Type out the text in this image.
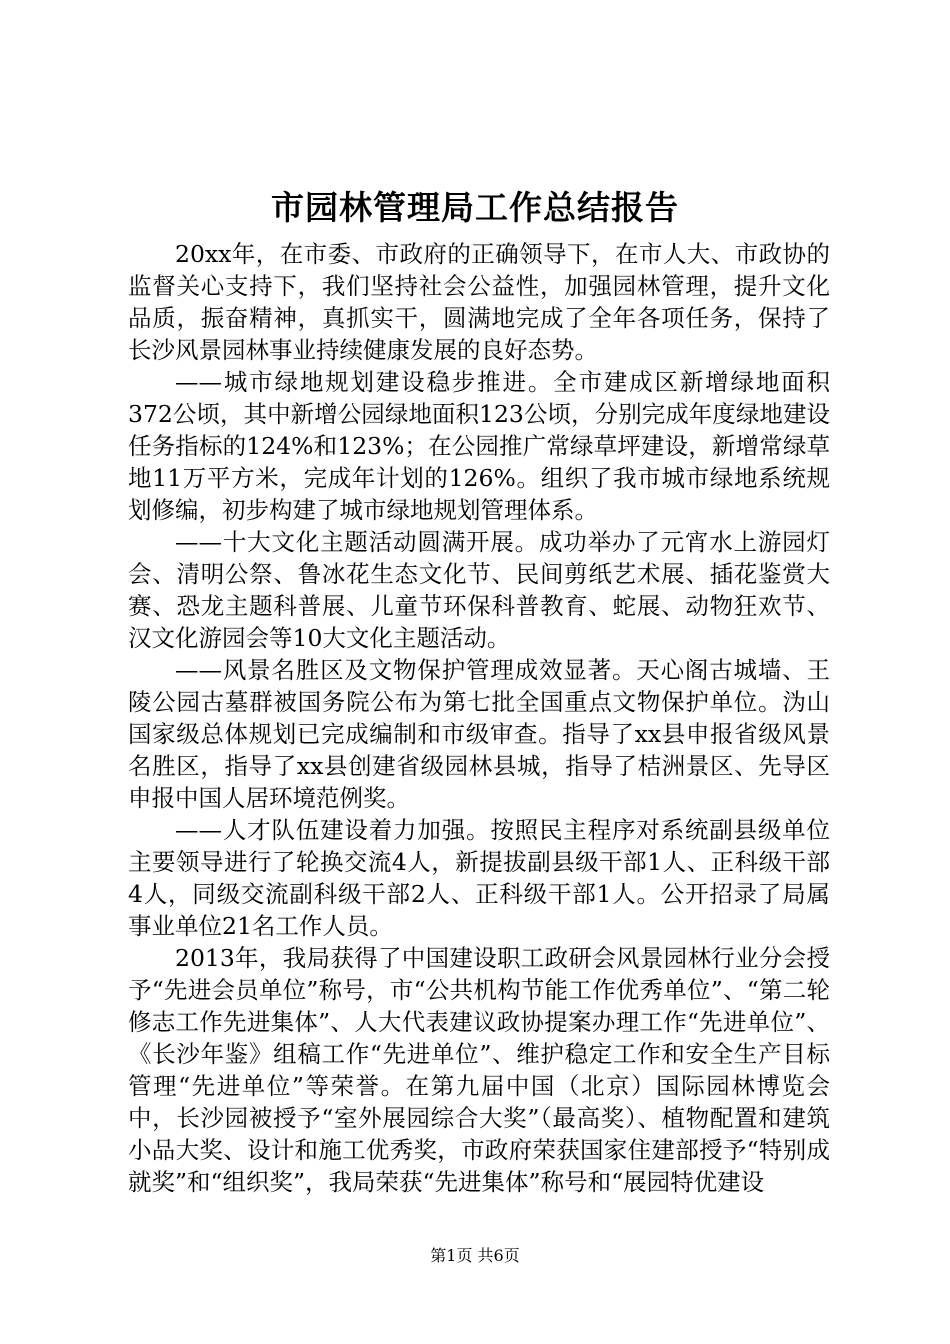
市园林管理局工作总结报告

20xx年，在市委、市政府的正确领导下，在市人大、市政协的监督关心支持下，我们坚持社会公益性，加强园林管理，提升文化品质，振奋精神，真抓实干，圆满地完成了全年各项任务，保持了长沙风景园林事业持续健康发展的良好态势。

——城市绿地规划建设稳步推进。全市建成区新增绿地面积372公顷，其中新增公园绿地面积123公顷，分别完成年度绿地建设任务指标的124%和123%；在公园推广常绿草坪建设，新增常绿草地11万平方米，完成年计划的126%。组织了我市城市绿地系统规划修编，初步构建了城市绿地规划管理体系。

——十大文化主题活动圆满开展。成功举办了元宵水上游园灯会、清明公祭、鲁冰花生态文化节、民间剪纸艺术展、插花鉴赏大赛、恐龙主题科普展、儿童节环保科普教育、蛇展、动物狂欢节、汉文化游园会等10大文化主题活动。

——风景名胜区及文物保护管理成效显著。天心阁古城墙、王陵公园古墓群被国务院公布为第七批全国重点文物保护单位。沩山国家级总体规划已完成编制和市级审查。指导了xx县申报省级风景名胜区，指导了xx县创建省级园林县城，指导了桔洲景区、先导区申报中国人居环境范例奖。

——人才队伍建设着力加强。按照民主程序对系统副县级单位主要领导进行了轮换交流4人，新提拔副县级干部1人、正科级干部4人，同级交流副科级干部2人、正科级干部1人。公开招录了局属事业单位21名工作人员。

2013年，我局获得了中国建设职工政研会风景园林行业分会授予“先进会员单位”称号，市“公共机构节能工作优秀单位”、“第二轮修志工作先进集体”、人大代表建议政协提案办理工作“先进单位”、《长沙年鉴》组稿工作“先进单位”、维护稳定工作和安全生产目标管理“先进单位”等荣誉。在第九届中国（北京）国际园林博览会中，长沙园被授予“室外展园综合大奖”（最高奖）、植物配置和建筑小品大奖、设计和施工优秀奖，市政府荣获国家住建部授予“特别成就奖”和“组织奖”，我局荣获“先进集体”称号和“展园特优建设

第1页 共6页
